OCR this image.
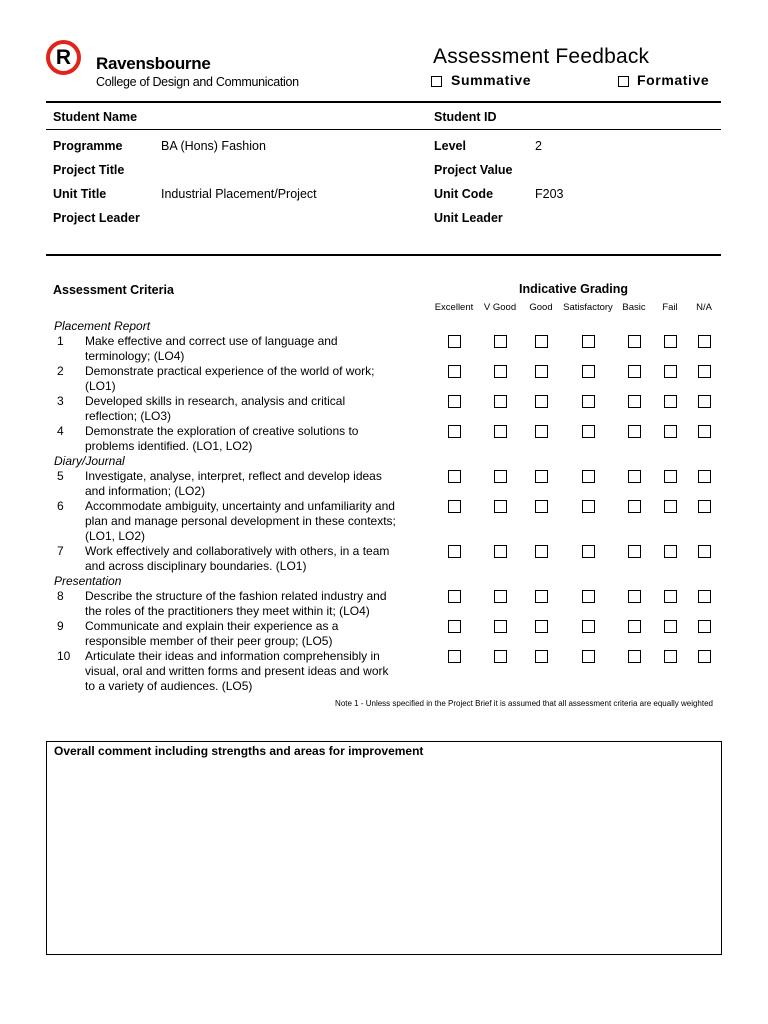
R Ravensbourne
College of Design and Communication
Assessment Feedback
Summative	Formative
Student Name	Student ID
Programme	BA (Hons) Fashion	Level	2
Project Title	Project Value
Unit Title	Industrial Placement/Project	Unit Code	F203
Project Leader	Unit Leader
Assessment Criteria	Indicative Grading
Excellent	V Good	Good	Satisfactory	Basic	Fail	N/A
Placement Report
1 Make effective and correct use of language and
terminology; (LO4)
2 Demonstrate practical experience of the world of work;
(LO1)
3 Developed skills in research, analysis and critical
reflection; (LO3)
4 Demonstrate the exploration of creative solutions to
problems identified. (LO1, LO2)
Diary/Journal
5 Investigate, analyse, interpret, reflect and develop ideas
and information; (LO2)
6 Accommodate ambiguity, uncertainty and unfamiliarity and
plan and manage personal development in these contexts;
(LO1, LO2)
7 Work effectively and collaboratively with others, in a team
and across disciplinary boundaries. (LO1)
Presentation
8 Describe the structure of the fashion related industry and
the roles of the practitioners they meet within it; (LO4)
9 Communicate and explain their experience as a
responsible member of their peer group; (LO5)
10 Articulate their ideas and information comprehensibly in
visual, oral and written forms and present ideas and work
to a variety of audiences. (LO5)
Note 1 - Unless specified in the Project Brief it is assumed that all assessment criteria are equally weighted
Overall comment including strengths and areas for improvement
